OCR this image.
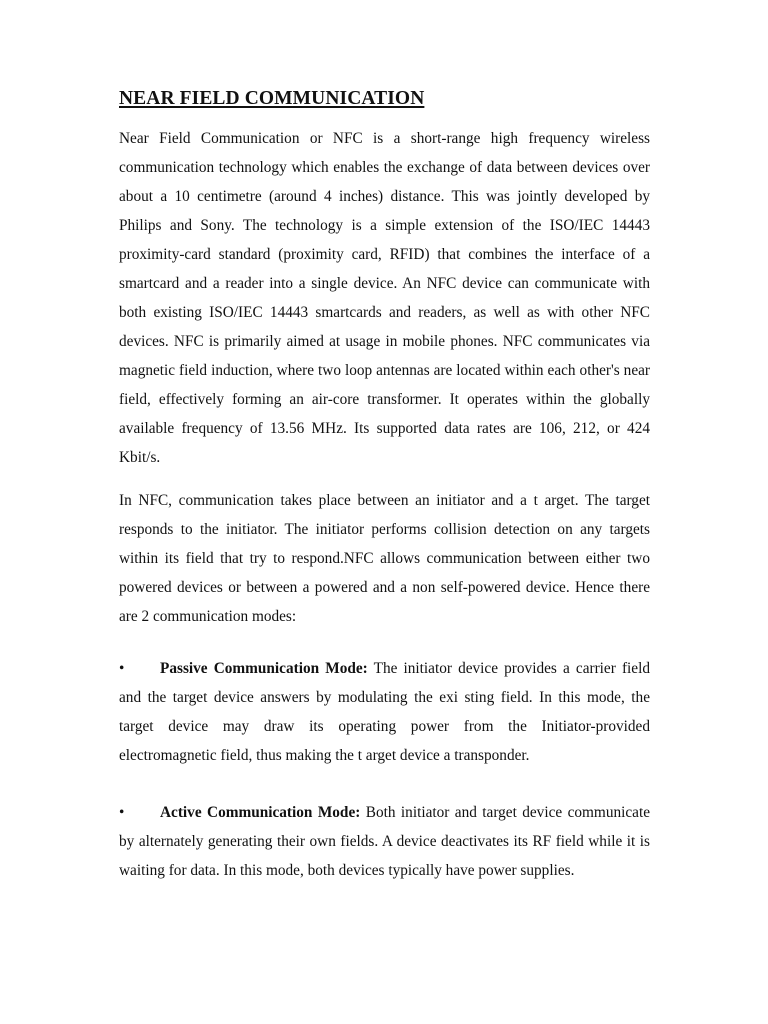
NEAR FIELD COMMUNICATION

Near Field Communication or NFC is a short-range high frequency wireless communication technology which enables the exchange of data between devices over about a 10 centimetre (around 4 inches) distance. This was jointly developed by Philips and Sony. The technology is a simple extension of the ISO/IEC 14443 proximity-card standard (proximity card, RFID) that combines the interface of a smartcard and a reader into a single device. An NFC device can communicate with both existing ISO/IEC 14443 smartcards and readers, as well as with other NFC devices. NFC is primarily aimed at usage in mobile phones. NFC communicates via magnetic field induction, where two loop antennas are located within each other's near field, effectively forming an air-core transformer. It operates within the globally available frequency of 13.56 MHz. Its supported data rates are 106, 212, or 424 Kbit/s.

In NFC, communication takes place between an initiator and a t arget. The target responds to the initiator. The initiator performs collision detection on any targets within its field that try to respond.NFC allows communication between either two powered devices or between a powered and a non self-powered device. Hence there are 2 communication modes:

• Passive Communication Mode: The initiator device provides a carrier field and the target device answers by modulating the exi sting field. In this mode, the target device may draw its operating power from the Initiator-provided electromagnetic field, thus making the t arget device a transponder.

• Active Communication Mode: Both initiator and target device communicate by alternately generating their own fields. A device deactivates its RF field while it is waiting for data. In this mode, both devices typically have power supplies.
